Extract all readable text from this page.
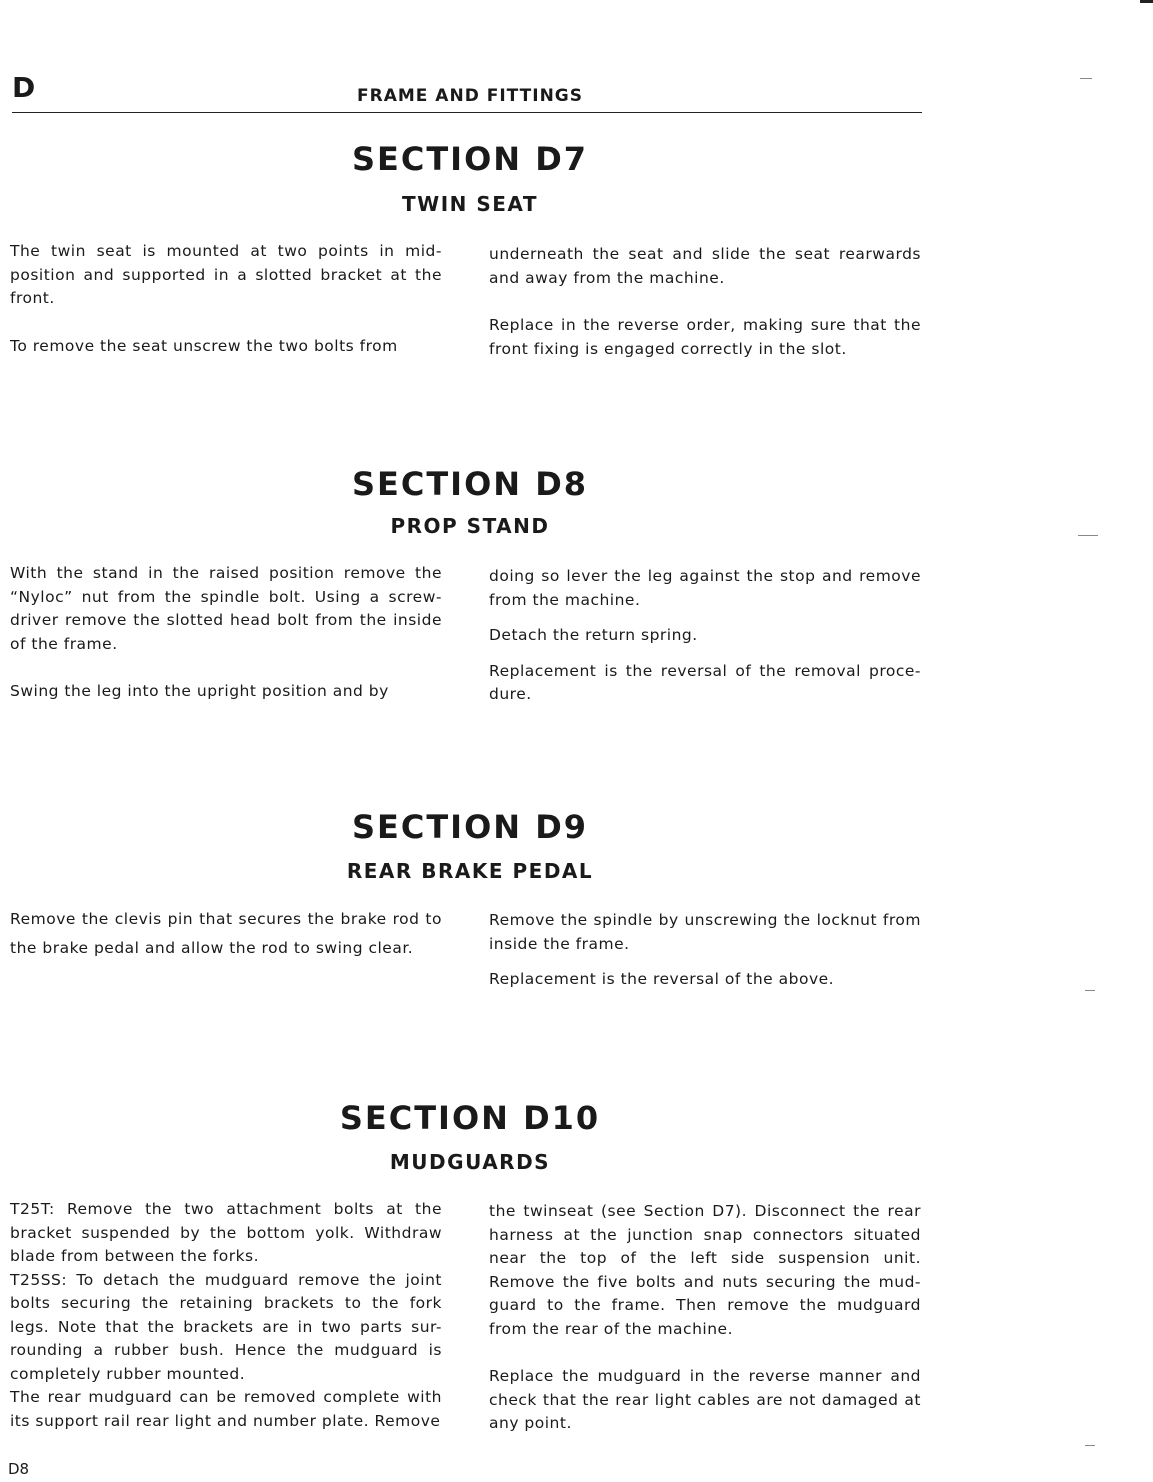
D	FRAME AND FITTINGS
SECTION D7
TWIN SEAT

The twin seat is mounted at two points in mid-position and supported in a slotted bracket at the front.

To remove the seat unscrew the two bolts from

underneath the seat and slide the seat rearwards and away from the machine.

Replace in the reverse order, making sure that the front fixing is engaged correctly in the slot.

SECTION D8
PROP STAND

With the stand in the raised position remove the “Nyloc” nut from the spindle bolt. Using a screw-driver remove the slotted head bolt from the inside of the frame.

Swing the leg into the upright position and by

doing so lever the leg against the stop and remove from the machine.

Detach the return spring.

Replacement is the reversal of the removal proce-dure.

SECTION D9
REAR BRAKE PEDAL

Remove the clevis pin that secures the brake rod to the brake pedal and allow the rod to swing clear.

Remove the spindle by unscrewing the locknut from inside the frame.

Replacement is the reversal of the above.

SECTION D10
MUDGUARDS

T25T: Remove the two attachment bolts at the bracket suspended by the bottom yolk. Withdraw blade from between the forks.

T25SS: To detach the mudguard remove the joint bolts securing the retaining brackets to the fork legs. Note that the brackets are in two parts sur-rounding a rubber bush. Hence the mudguard is completely rubber mounted.

The rear mudguard can be removed complete with its support rail rear light and number plate. Remove

the twinseat (see Section D7). Disconnect the rear harness at the junction snap connectors situated near the top of the left side suspension unit. Remove the five bolts and nuts securing the mud-guard to the frame. Then remove the mudguard from the rear of the machine.

Replace the mudguard in the reverse manner and check that the rear light cables are not damaged at any point.

D8
